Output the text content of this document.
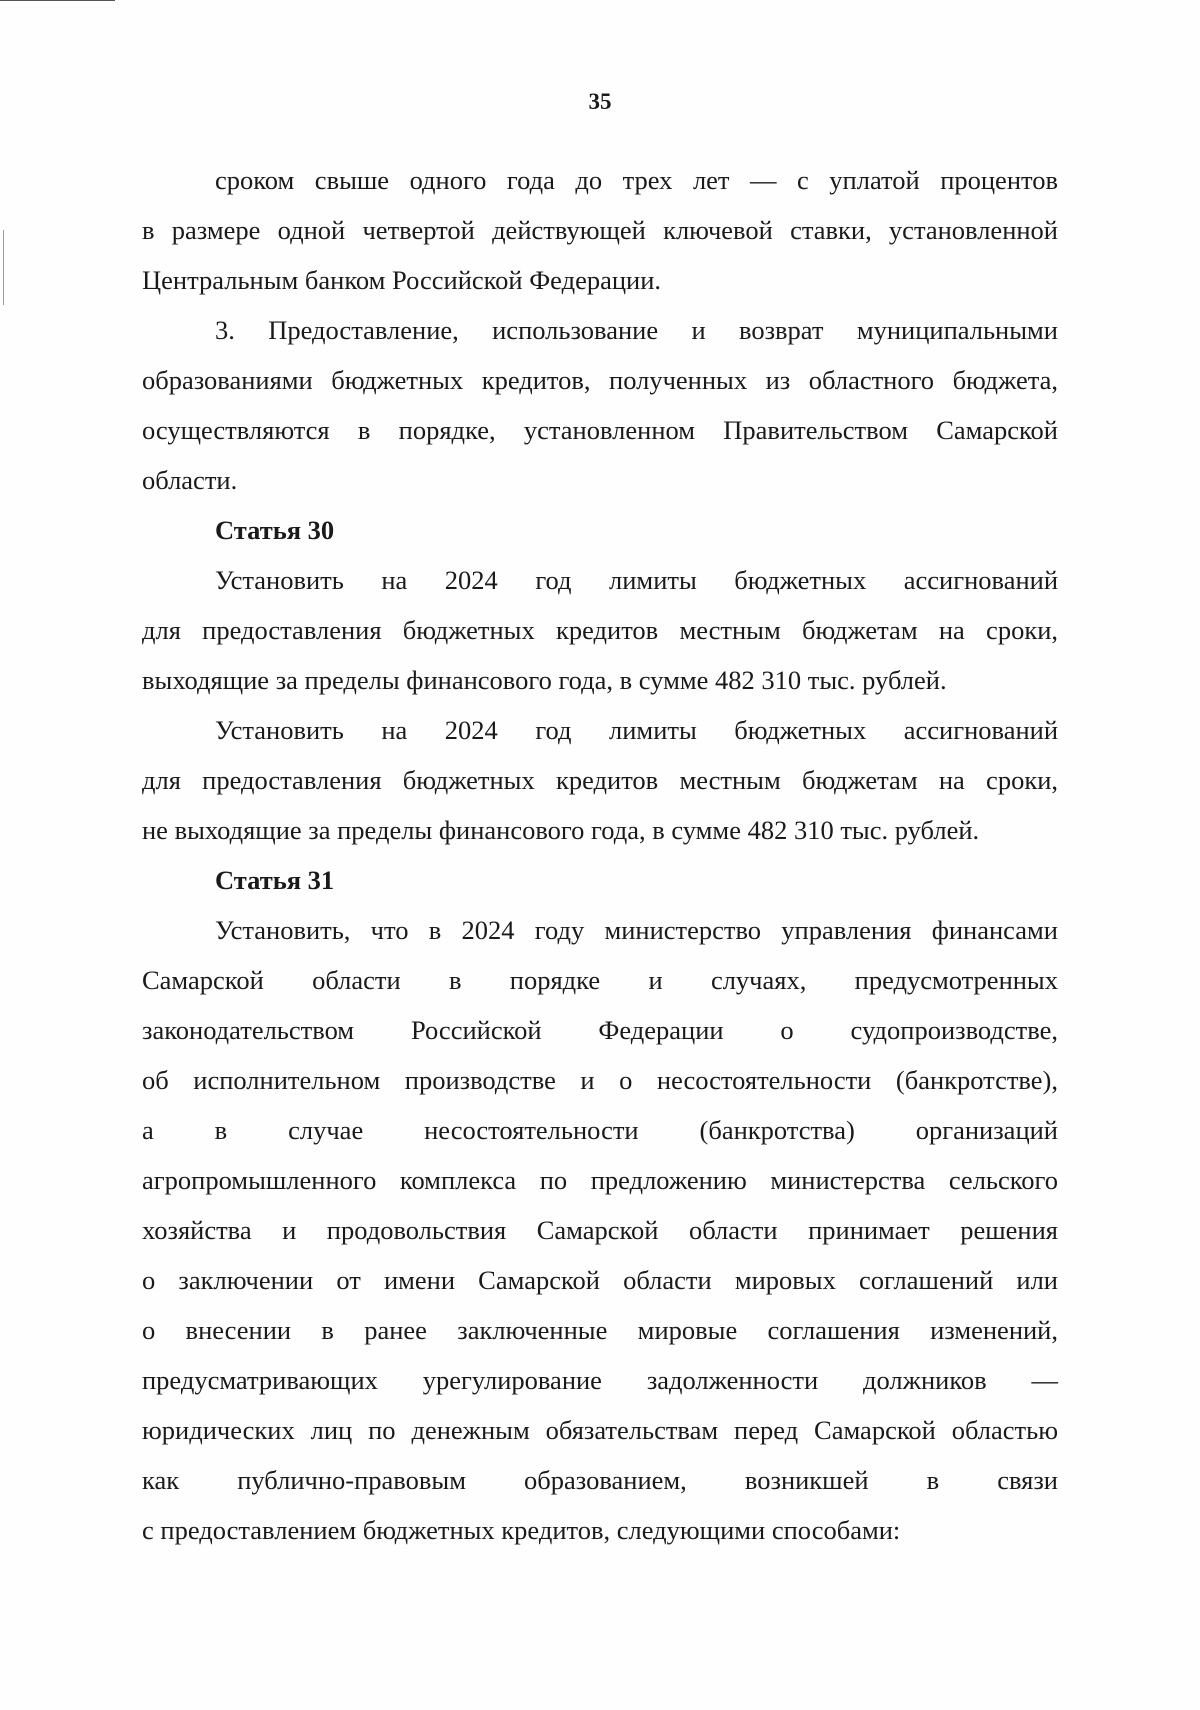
35
сроком свыше одного года до трех лет — с уплатой процентов
в размере одной четвертой действующей ключевой ставки, установленной
Центральным банком Российской Федерации.
3. Предоставление, использование и возврат муниципальными
образованиями бюджетных кредитов, полученных из областного бюджета,
осуществляются в порядке, установленном Правительством Самарской
области.
Статья 30
Установить на 2024 год лимиты бюджетных ассигнований
для предоставления бюджетных кредитов местным бюджетам на сроки,
выходящие за пределы финансового года, в сумме 482 310 тыс. рублей.
Установить на 2024 год лимиты бюджетных ассигнований
для предоставления бюджетных кредитов местным бюджетам на сроки,
не выходящие за пределы финансового года, в сумме 482 310 тыс. рублей.
Статья 31
Установить, что в 2024 году министерство управления финансами
Самарской области в порядке и случаях, предусмотренных
законодательством Российской Федерации о судопроизводстве,
об исполнительном производстве и о несостоятельности (банкротстве),
а в случае несостоятельности (банкротства) организаций
агропромышленного комплекса по предложению министерства сельского
хозяйства и продовольствия Самарской области принимает решения
о заключении от имени Самарской области мировых соглашений или
о внесении в ранее заключенные мировые соглашения изменений,
предусматривающих урегулирование задолженности должников —
юридических лиц по денежным обязательствам перед Самарской областью
как публично-правовым образованием, возникшей в связи
с предоставлением бюджетных кредитов, следующими способами:
